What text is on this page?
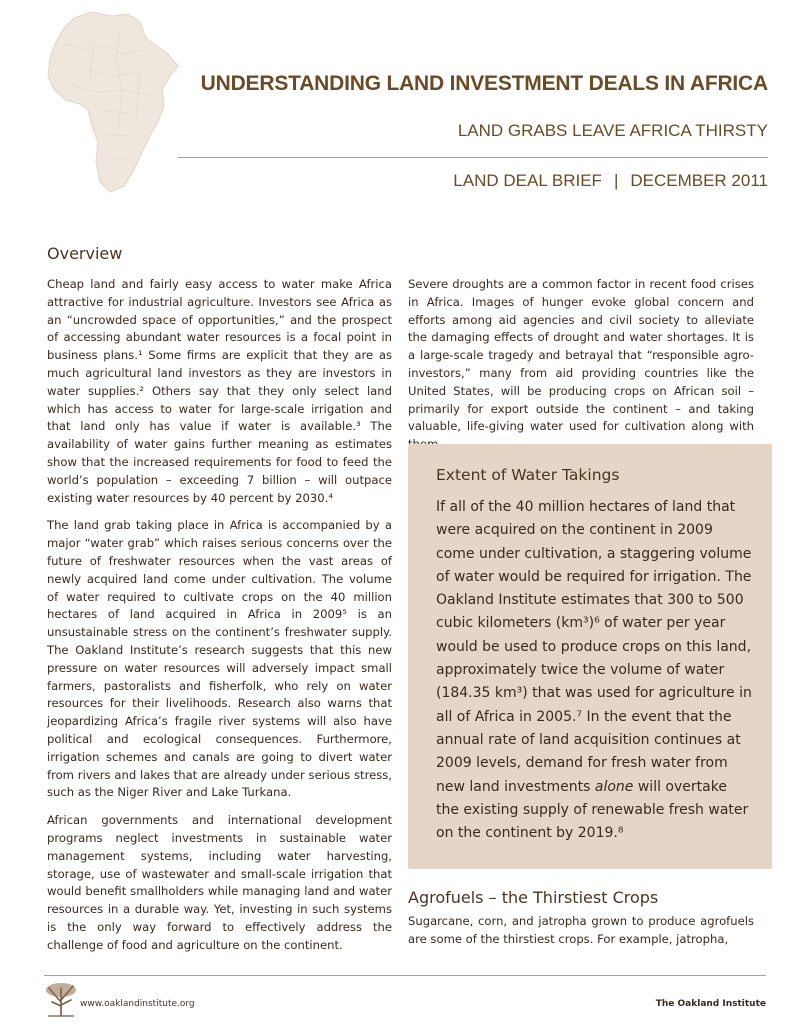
UNDERSTANDING LAND INVESTMENT DEALS IN AFRICA
LAND GRABS LEAVE AFRICA THIRSTY
LAND DEAL BRIEF | DECEMBER 2011
Overview

Cheap land and fairly easy access to water make Africa attractive for industrial agriculture. Investors see Africa as an “uncrowded space of opportunities,” and the prospect of accessing abundant water resources is a focal point in business plans.¹ Some firms are explicit that they are as much agricultural land investors as they are investors in water supplies.² Others say that they only select land which has access to water for large-scale irrigation and that land only has value if water is available.³ The availability of water gains further meaning as estimates show that the increased requirements for food to feed the world’s population – exceeding 7 billion – will outpace existing water resources by 40 percent by 2030.⁴

The land grab taking place in Africa is accompanied by a major “water grab” which raises serious concerns over the future of freshwater resources when the vast areas of newly acquired land come under cultivation. The volume of water required to cultivate crops on the 40 million hectares of land acquired in Africa in 2009⁵ is an unsustainable stress on the continent’s freshwater supply. The Oakland Institute’s research suggests that this new pressure on water resources will adversely impact small farmers, pastoralists and fisherfolk, who rely on water resources for their livelihoods. Research also warns that jeopardizing Africa’s fragile river systems will also have political and ecological consequences. Furthermore, irrigation schemes and canals are going to divert water from rivers and lakes that are already under serious stress, such as the Niger River and Lake Turkana.

African governments and international development programs neglect investments in sustainable water management systems, including water harvesting, storage, use of wastewater and small-scale irrigation that would benefit smallholders while managing land and water resources in a durable way. Yet, investing in such systems is the only way forward to effectively address the challenge of food and agriculture on the continent.

Severe droughts are a common factor in recent food crises in Africa. Images of hunger evoke global concern and efforts among aid agencies and civil society to alleviate the damaging effects of drought and water shortages. It is a large-scale tragedy and betrayal that “responsible agro-investors,” many from aid providing countries like the United States, will be producing crops on African soil – primarily for export outside the continent – and taking valuable, life-giving water used for cultivation along with

Extent of Water Takings
If all of the 40 million hectares of land that were acquired on the continent in 2009 come under cultivation, a staggering volume of water would be required for irrigation. The Oakland Institute estimates that 300 to 500 cubic kilometers (km³)⁶ of water per year would be used to produce crops on this land, approximately twice the volume of water (184.35 km³) that was used for agriculture in all of Africa in 2005.⁷ In the event that the annual rate of land acquisition continues at 2009 levels, demand for fresh water from new land investments alone will overtake the existing supply of renewable fresh water on the continent by 2019.⁸
Agrofuels – the Thirstiest Crops

Sugarcane, corn, and jatropha grown to produce agrofuels are some of the thirstiest crops. For example, jatropha,

www.oaklandinstitute.org	The Oakland Institute
